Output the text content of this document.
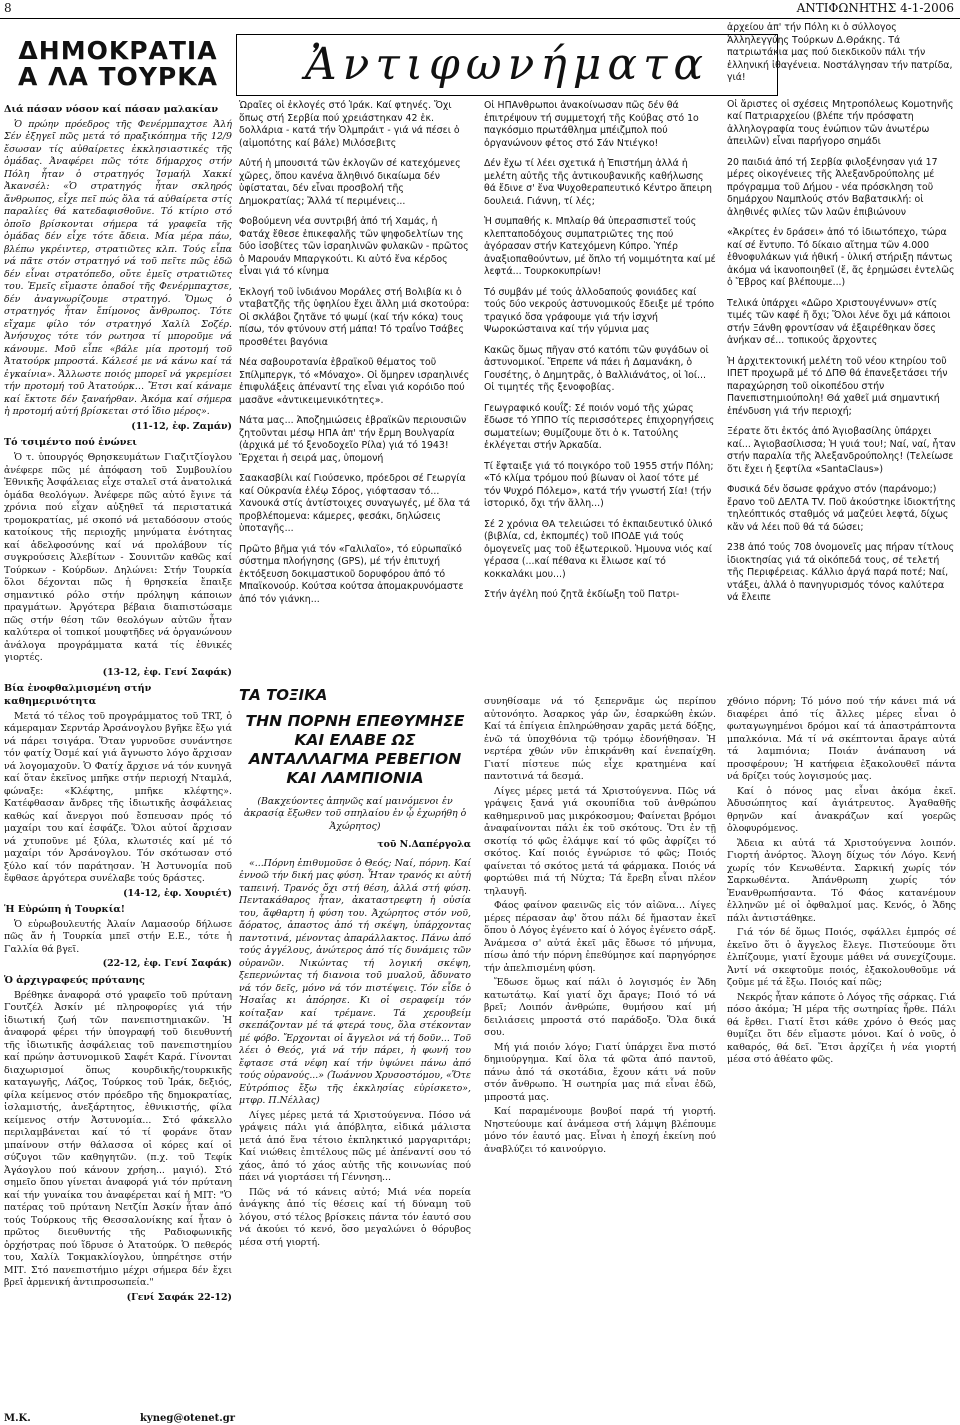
8	ΑΝΤΙΦΩΝΗΤΗΣ 4-1-2006
ΔΗΜΟΚΡΑΤΙΑ
Α ΛΑ ΤΟΥΡΚΑ	Ἀντιφωνήματα
Διά πάσαν νόσον καί πάσαν μαλακίαν

Ὁ πρώην πρόεδρος τῆς Φενέρμπαχτσε Ἀλή Σέν ἐξηγεῖ πῶς μετά τό πραξικόπημα τῆς 12/9 ἔσωσαν τίς αὐθαίρετες ἐκκλησιαστικές τῆς ὁμάδας. Ἀναφέρει πῶς τότε δήμαρχος στήν Πόλη ἦταν ὁ στρατηγός Ἰσμαήλ Χακκί Ἀκανσέλ: «Ὁ στρατηγός ἦταν σκληρός ἄνθρωπος, εἶχε πεῖ πώς ὅλα τά αὐθαίρετα στίς παραλίες θά κατεδαφισθοῦνε. Τό κτίριο στό ὁποῖο βρίσκονται σήμερα τά γραφεῖα τῆς ὁμάδας δέν εἶχε τότε ἄδεια. Μία μέρα πάω, βλέπω γκρέιντερ, στρατιῶτες κλπ. Τούς εἶπα νά πᾶτε στόν στρατηγό νά τοῦ πεῖτε πῶς ἐδῶ δέν εἶναι στρατόπεδο, οὔτε ἐμεῖς στρατιῶτες του. Ἐμεῖς εἴμαστε ὀπαδοί τῆς Φενέρμπαχτσε, δέν ἀναγνωρίζουμε στρατηγό. Ὅμως ὁ στρατηγός ἦταν ἔπίμονος ἄνθρωπος. Τότε εἴχαμε φίλο τόν στρατηγό Χαλίλ Σοζέρ. Ἀνήσυχος τότε τόν ρωτησα τί μποροῦμε νά κάνουμε. Μοῦ εἶπε «βάλε μία προτομή τοῦ Ἀτατούρκ μπροστά. Κάλεσέ με νά κάνω καί τά ἐγκαίνια». Ἄλλωστε ποιός μπορεῖ νά γκρεμίσει τήν προτομή τοῦ Ἀτατούρκ… Ἔτσι καί κάναμε καί ἔκτοτε δέν ξαναήρθαν. Ἀκόμα καί σήμερα ἡ προτομή αὐτή βρίσκεται στό ἴδιο μέρος».

(11-12, ἐφ. Ζαμάν)
Τό τσιμέντο πού ἑνώνει

Ὁ τ. ὑπουργός Θρησκευμάτων Γιαζιτζίογλου ἀνέφερε πῶς μέ ἀπόφαση τοῦ Συμβουλίου Ἐθνικῆς Ἀσφάλειας εἶχε σταλεῖ στά ἀνατολικά ὁμάδα θεολόγων. Ἀνέφερε πῶς αὐτό ἔγινε τά χρόνια πού εἶχαν αὐξηθεῖ τά περιστατικά τρομοκρατίας, μέ σκοπό νά μεταδόσουν στούς κατοίκους τῆς περιοχῆς μηνύματα ἑνότητας καί ἀδελφοσύνης καί νά προλάβουν τίς συγκρούσεις Ἀλεβίτων - Σουνιτῶν καθῶς καί Τούρκων - Κούρδων. Δηλώνει: Στήν Τουρκία ὅλοι δέχονται πῶς ἡ θρησκεία ἔπαιξε σημαντικό ρόλο στήν πρόληψη κάποιων πραγμάτων. Ἀργότερα βέβαια διαπιστώσαμε πῶς στήν θέση τῶν θεολόγων αὐτῶν ἦταν καλύτερα οἱ τοπικοί μουφτῆδες νά ὀργανώνουν ἀνάλογα προγράμματα κατά τίς ἐθνικές γιορτές.

(13-12, ἐφ. Γενί Σαφάκ)
Βία ἐνοφθαλμισμένη στήν καθημερινότητα

Μετά τό τέλος τοῦ προγράμματος τοῦ TRT, ὁ κάμεραμαν Σερντάρ Ἀρσάνογλου βγῆκε ἔξω γιά νά πάρει τσιγάρα. Ὅταν γυρνοῦσε συνάντησε τόν φατίχ Ὀσμέ καί γιά ἄγνωστο λόγο ἄρχισαν νά λογομαχοῦν. Ὁ Φατίχ ἄρχισε νά τόν κυνηγᾶ καί ὅταν ἐκεῖνος μπῆκε στήν περιοχή Νταμλά, φώναξε: «Κλέφτης, μπῆκε κλέφτης». Κατέφθασαν ἄνδρες τῆς ἰδιωτικῆς ἀσφάλειας καθώς καί ἄνεργοι πού ἔσπευσαν πρός τό μαχαίρι του καί ἐσφάζε. Ὅλοι αὐτοί ἄρχισαν νά χτυποῦνε μέ ξύλα, κλωτσιές καί μέ τό μαχαίρι τόν Ἀρσάνογλου. Τόν σκότωσαν στό ξύλο καί τόν παράτησαν. Ἡ Ἀστυνομία ποῦ ἔφθασε ἀργότερα συνέλαβε τούς δράστες.

(14-12, ἐφ. Χουριέτ)
Ἡ Εὐρώπη ἡ Τουρκία!

Ὁ εὐρωβουλευτής Ἀλαίν Λαμασούρ δήλωσε πῶς ἄν ἡ Τουρκία μπεῖ στήν Ε.Ε., τότε ἡ Γαλλία θά βγεῖ.

(22-12, ἐφ. Γενί Σαφάκ)
Ὁ ἀρχιγραφεύς πρύτανης

Βρέθηκε ἀναφορά στό γραφεῖο τοῦ πρύτανη Γουτζέλ Ἀσκίν μέ πληροφορίες γιά τήν ἰδιωτική ζωή τῶν πανεπιστημιακῶν. Ἡ ἀναφορά φέρει τήν ὑπογραφή τοῦ διευθυντή τῆς ἰδιωτικῆς ἀσφάλειας τοῦ πανεπιστημίου καί πρώην ἀστυνομικοῦ Σαφέτ Καρά. Γίνονται διαχωρισμοί ὅπως κουρδικῆς/τουρκικῆς καταγωγῆς, Λάζος, Τούρκος τοῦ Ἰράκ, δεξιός, φίλα κείμενος στόν πρόεδρο τῆς δημοκρατίας, ἰσλαμιστής, ἀνεξάρτητος, ἐθνικιστής, φίλα κείμενος στήν Ἀστυνομία... Στό φάκελλο περιλαμβάνεται καί τό τί φοράνε ὅταν μπαίνουν στήν θάλασσα οἱ κόρες καί οἱ σύζυγοι τῶν καθηγητῶν. (π.χ. τοῦ Τεφίκ Ἀγάογλου πού κάνουν χρήση... μαγιό). Στό σημεῖο ὅπου γίνεται ἀναφορά γιά τόν πρύτανη καί τήν γυναίκα του ἀναφέρεται καί ἡ ΜΙΤ: "Ὁ πατέρας τοῦ πρύτανη Νετζίπ Ἀσκίν ἦταν ἀπό τούς Τούρκους τῆς Θεσσαλονίκης καί ἦταν ὁ πρῶτος διευθυντής τῆς Ραδιοφωνικῆς ὀρχήστρας πού ἵδρυσε ὁ Ἀτατούρκ. Ὁ πεθερός του, Χαλίλ Τοκμακλίογλου, ὑπηρέτησε στήν ΜΙΤ. Στό πανεπιστήμιο μέχρι σήμερα δέν ἔχει βρεῖ ἀρμενική ἀντιπροσωπεία."

(Γενί Σαφάκ 22-12)

Ὡραῖες οἱ ἐκλογές στό Ἰράκ. Καί φτηνές. Ὄχι ὅπως στή Σερβία πού χρειάστηκαν 42 ἑκ. δολλάρια - κατά τήν Ὀλμπράιτ - γιά νά πέσει ὁ (αἱμοπότης καί βάλε) Μιλόσεβιτς

Αὐτή ἡ μπουσιτά τῶν ἐκλογῶν σέ κατεχόμενες χῶρες, ὅπου κανένα ἄληθινό δικαίωμα δέν ὑφίσταται, δέν εἶναι προσβολή τῆς Δημοκρατίας; Ἄλλά τί περιμένεις...

Φοβούμενη νέα συντριβή ἀπό τή Χαμάς, ἡ Φατάχ ἔθεσε ἐπικεφαλῆς τῶν ψηφοδελτίων της δύο ἰσοβίτες τῶν ἰσραηλινῶν φυλακῶν - πρῶτος ὁ Μαρουάν Μπαργκούτι. Κι αὐτό ἕνα κέρδος εἶναι γιά τό κίνημα

Ἐκλογή τοῦ ἰνδιάνου Μοράλες στή Βολιβία κι ὁ νταβατζῆς τῆς ὑφηλίου ἔχει ἄλλη μιά σκοτούρα: Οἱ σκλάβοι ζητᾶνε τό ψωμί (καί τήν κόκα) τους πίσω, τόν φτύνουν στή μάπα! Τό τραΐνο Τσάβες προσθέτει βαγόνια

Νέα σαβουροτανία ἑβραϊκοῦ θέματος τοῦ Σπίλμπεργκ, τό «Μόναχο». Οἱ ὅμηρεν ισραηλινές ἐπιφυλάξεις ἀπέναντί της εἶναι γιά κορόιδο πού μασᾶνε «ἀντικειμενικότητες».

Νάτα μας... Ἀποζημιώσεις ἑβραϊκῶν περιουσιῶν ζητοῦνται μέσῳ ΗΠΑ ἀπ' τήν ἔρμη Βουλγαρία (ἀρχικά μέ τό ξενοδοχεῖο Ρίλα) γιά τό 1943! Ἔρχεται ἡ σειρά μας, ὑπομονή

Σαακασβίλι καί Γιούσενκο, πρόεδροι σέ Γεωργία καί Οὐκρανία ἐλέῳ Σόρος, γιόφτασαν τό... Χανουκά στίς ἀντίστοιχες συναγωγές, μέ ὅλα τά προβλέπομενα: κάμερες, φεσάκι, δηλώσεις ὑποταγῆς...

Πρῶτο βῆμα γιά τόν «Γαλιλαῖο», τό εὐρωπαϊκό σύστημα πλοήγησης (GPS), μέ τήν ἐπιτυχή ἐκτόξευση δοκιμαστικοῦ δορυφόρου ἀπό τό Μπαϊκονούρ. Κούτσα κούτσα ἀπομακρυνόμαστε ἀπό τόν γιάνκη...

ΤΑ ΤΟΞΙΚΑ
ΤΗΝ ΠΟΡΝΗ ΕΠΕΘΥΜΗΣΕ ΚΑΙ ΕΛΑΒΕ ΩΣ ΑΝΤΑΛΛΑΓΜΑ ΡΕΒΕΓΙΟΝ ΚΑΙ ΛΑΜΠΙΟΝΙΑ
(Βακχεύοντες ἀπηνῶς καί μαινόμενοι ἐν ἀκρασίᾳ ἔξωθεν τοῦ σπηλαίου ἐν ᾧ ἐχωρήθη ὁ Ἀχώρητος)
τοῦ Ν.Δαπέργολα

«...Πόρνη ἐπιθυμοῦσε ὁ Θεός; Ναί, πόρνη. Καί ἐννοῶ τήν δική μας φύση. Ἦταν τρανός κι αὐτή ταπεινή. Τρανός ὄχι στή θέση, ἀλλά στή φύση. Πεντακάθαρος ἦταν, ἀκαταστρεφτη ἡ οὐσία του, ἄφθαρτη ἡ φύση του. Ἀχώρητος στόν νοῦ, ἄόρατος, ἀπαστος ἀπό τή σκέψη, ὑπάρχοντας παντοτινά, μένοντας ἀπαράλλακτος. Πάνω ἀπό τούς ἀγγέλους, ἀνώτερος ἀπό τίς δυνάμεις τῶν οὐρανῶν. Νικώντας τή λογική σκέψη, ξεπερνώντας τή διανοια τοῦ μυαλοῦ, ἄδυνατο νά τόν δεῖς, μόνο νά τόν πιστέψεις. Τόν εἶδε ὁ Ἡσαΐας κι ἀπόρησε. Κι οἱ σεραφείμ τόν κοίταξαν καί τρέμανε. Τά χερουβείμ σκεπάζονταν μέ τά φτερά τους, ὅλα στέκονταν μέ φόβο. Ἔρχονται οἱ ἄγγελοι νά τή δοῦν... Τοῦ λέει ὁ Θεός, γιά νά τήν πάρει, ἡ φωνή του ἔφτασε στά νέφη καί τήν ὑψώνει πάνω ἀπό τούς οὐρανούς...» (Ἰωάννου Χρυσοστόμου, «Ὅτε Εὐτρόπιος ἔξω τῆς ἐκκλησίας εὑρίσκετο», μτφρ. Π.Νέλλας)

Λίγες μέρες μετά τά Χριστούγεννα. Πόσο νά γράψεις πάλι γιά ἀπόβλητα, εἰδικά μάλιστα μετά ἀπό ἕνα τέτοιο ἐκπληκτικό μαργαριτάρι; Καί νιώθεις ἐπιτέλους πῶς μέ ἀπέναντί σου τό χάος, ἀπό τό χάος αὐτῆς τῆς κοινωνίας πού πάει νά γιορτάσει τή Γέννηση...

Πῶς νά τό κάνεις αὐτό; Μιά νέα πορεία ἀνάγκης ἀπό τίς θέσεις καί τή δύναμη τοῦ λόγου, στό τέλος βρίσκεις πάντα τόν ἑαυτό σου νά ἀκούει τό κενό, ὅσο μεγαλώνει ὁ θόρυβος μέσα στή γιορτή.

Οἱ ΗΠΑνθρωποι ἀνακοίνωσαν πῶς δέν θά ἐπιτρέψουν τή συμμετοχή τῆς Κούβας στό 1ο παγκόσμιο πρωτάθλημα μπέιζμπολ πού ὀργανώνουν φέτος στό Σάν Ντιέγκο!

Δέν ἔχω τί λέει σχετικά ἡ Ἐπιστήμη ἀλλά ἡ μελέτη αὐτῆς τῆς ἀντικουβανικῆς καθήλωσης θά ἔδινε σ' ἕνα Ψυχοθεραπευτικό Κέντρο ἄπειρη δουλειά. Γιάννη, τί λές;

Ἡ συμπαθής κ. Μπλαίρ θά ὑπερασπιστεῖ τούς κλεπταποδόχους συμπατριῶτες της πού ἀγόρασαν στήν Κατεχόμενη Κύπρο. Ὑπέρ ἀναξιοπαθούντων, μέ ὅπλο τή νομιμότητα καί μέ λεφτά... Τουρκοκυπρίων!

Τό συμβάν μέ τούς ἀλλοδαπούς φονιάδες καί τούς δύο νεκρούς ἀστυνομικούς ἔδειξε μέ τρόπο τραγικό ὅσα γράφουμε γιά τήν ἰσχνή Ψωροκώσταινα καί τήν γύμνια μας

Κακῶς ὅμως πῆγαν στό κατόπι τῶν φυγάδων οἱ ἀστυνομικοί. Ἔπρεπε νά πάει ἡ Δαμανάκη, ὁ Γουσέτης, ὁ Δημητρᾶς, ὁ Βαλλιάνάτος, οἱ Ἰοί... Οἱ τιμητές τῆς ξενοφοβίας.

Γεωγραφικό κουΐζ: Σέ ποιόν νομό τῆς χώρας ἔδωσε τό ΥΠΠΟ τίς περισσότερες ἐπιχορηγήσεις σωματείων; Θυμίζουμε ὅτι ὁ κ. Τατούλης ἐκλέγεται στήν Ἀρκαδία.

Τί ἔφταιξε γιά τό ποιγκόρο τοῦ 1955 στήν Πόλη; «Τό κλίμα τρόμου πού βίωναν οἱ λαοί τότε μέ τόν Ψυχρό Πόλεμο», κατά τήν γνωστή Σία! (τήν ἰστορικό, ὄχι τήν ἄλλη...)

Σέ 2 χρόνια ΘΑ τελειώσει τό ἐκπαιδευτικό ὑλικό (βιβλία, cd, ἐκπομπές) τοῦ ΙΠΟΔΕ γιά τούς ὀμογενεῖς μας τοῦ ἐξωτερικοῦ. Ἡμουνα νιός καί γέρασα (...καί πέθανα κι ἔλιωσε καί τό κοκκαλάκι μου...)

Στήν ἀγέλη πού ζητᾶ ἐκδίωξη τοῦ Πατρι-

ἀρχείου ἀπ' τήν Πόλη κι ὁ σύλλογος Ἀλληλεγγύης Τούρκων Δ.Θράκης. Τά πατριωτάκια μας πού διεκδικοῦν πάλι τήν ἑλληνική ἰθαγένεια. Νοστάλγησαν τήν πατρίδα, γιά!

Οἱ ἄριστες οἱ σχέσεις Μητροπόλεως Κομοτηνῆς καί Πατριαρχείου (βλέπε τήν πρόσφατη ἀλληλογραφία τους ἐνώπιον τῶν ἀνωτέρω ἀπειλῶν) εἶναι παρήγορο σημάδι

20 παιδιά ἀπό τή Σερβία φιλοξένησαν γιά 17 μέρες οἰκογένειες τῆς Ἀλεξανδρούπολης μέ πρόγραμμα τοῦ Δήμου - νέα πρόσκληση τοῦ δημάρχου Ναμπλούς στόν Βαβατσικλή: οἱ ἀληθινές φιλίες τῶν λαῶν ἐπιβιώνουν

«Ἀκρίτες ἐν δράσει» ἀπό τό ἰδιωτόπεχο, τώρα καί σέ ἔντυπο. Τό δίκαιο αἴτημα τῶν 4.000 ἐθνοφυλάκων γιά ἠθική - ὑλική στήριξη πάντως ἀκόμα νά ἱκανοποιηθεῖ (ἔ, ἄς ἐρημώσει ἐντελῶς ὁ Ἔβρος καί βλέπουμε...)

Τελικά ὑπάρχει «Δῶρο Χριστουγέννων» στίς τιμές τῶν καφέ ἤ ὄχι; Ὅλοι λένε ὄχι μά κάποιοι στήν Ξάνθη φροντίσαν νά ἐξαιρέθηκαν ὅσες ἀνήκαν σέ... τοπικούς ἄρχοντες

Ἡ ἀρχιτεκτονική μελέτη τοῦ νέου κτηρίου τοῦ ΙΠΕΤ προχωρᾶ μέ τό ΔΠΘ θά ἐπανεξετάσει τήν παραχώρηση τοῦ οἰκοπέδου στήν Πανεπιστημιούπολη! Θά χαθεῖ μιά σημαντική ἐπένδυση γιά τήν περιοχή;

Ξέρατε ὅτι ἐκτός ἀπό Ἀγιοβασίλης ὑπάρχει καί... Ἀγιοβασίλισσα; Ἡ γυιά του!; Ναί, ναί, ἦταν στήν παραλία τῆς Ἀλεξανδρούπολης! (Τελείωσε ὅτι ἔχει ἡ ξεφτίλα «SantaClaus»)

Φυσικά δέν ὅσωσε φράχνο στόν (παράνομο;) ἔρανο τοῦ ΔΕΛΤΑ TV. Ποῦ ἀκούστηκε ἰδιοκτήτης τηλεόπτικός σταθμός νά μαζεύει λεφτά, δίχως κἄν νά λέει ποῦ θά τά δώσει;

238 ἀπό τούς 708 ὀνομονεῖς μας πήραν τίτλους ἰδιοκτησίας γιά τά οἰκόπεδά τους, σέ τελετή τῆς Περιφέρειας. Κάλλιο ἀργά παρά ποτέ; Ναί, ντάξει, ἀλλά ὁ πανηγυρισμός τόνος καλύτερα νά ἔλειπε

συνηθίσαμε νά τό ξεπερνᾶμε ὡς περίπου αὐτονόητο. Ἀσαρκος γάρ ὤν, ἐσαρκώθη ἐκών. Καί τά ἐπίγεια ἐπληρώθησαν χαρᾶς μετά δόξης, ἐνῶ τά ὑποχθόνια τῷ τρόμῳ ἐδονήθησαν. Ἡ νερτέρα χθών νῦν ἐπικράνθη καί ἐνεπαίχθη. Γιατί πίστευε πώς εἶχε κρατημένα καί παντοτινά τά δεσμά.

Λίγες μέρες μετά τά Χριστούγεννα. Πῶς νά γράψεις ξανά γιά σκουπίδια τοῦ ἀνθρώπου καθημερινοῦ μας μικρόκοσμου; Φαίνεται βρόμοι ἀναφαίνονται πάλι ἐκ τοῦ σκότους. Ὅτι ἐν τῇ σκοτίᾳ τό φῶς ἐλάμψε καί τό φῶς ἀφρίζει τό σκότος. Καί ποιός ἐγνώρισε τό φῶς; Ποιός φαίνεται τό σκότος μετά τά φάρμακα. Ποιός νά φορτώθει πιά τή Νύχτα; Τά ἔρεβη εἶναι πλέον τηλαυγῆ.

Φάος φαίνον φαεινῶς εἰς τόν αἰῶνα… Λίγες μέρες πέρασαν ἀφ' ὅτου πάλι δέ ἤμασταν ἐκεῖ ὅπου ὁ Λόγος ἐγένετο καί ὁ λόγος ἐγένετο σάρξ. Ἀνάμεσα σ' αὐτά ἐκεῖ μᾶς ἔδωσε τό μήνυμα, πίσω ἀπό τήν πόρνη ἐπεθύμησε καί παρηγόρησε τήν ἀπελπισμένη φύση.

Ἔδωσε ὅμως καί πάλι ὁ λογισμός ἐν Ἅδη κατωτάτῳ. Καί γιατί ὄχι ἄραγε; Ποιό τό νά βρεῖ; Λοιπόν ἀνθρώπε, θυμήσου καί μή δειλιάσεις μπροστά στό παράδοξο. Ὅλα δικά σου.

Μή γιά ποιόν λόγο; Γιατί ὑπάρχει ἕνα πιστό δημιούργημα. Καί ὅλα τά φῶτα ἀπό παντοῦ, πάνω ἀπό τά σκοτάδια, ἔχουν κάτι νά ποῦν στόν ἄνθρωπο. Ἡ σωτηρία μας πιά εἶναι ἐδῶ, μπροστά μας.

Καί παραμένουμε βουβοί παρά τή γιορτή. Νηστεύουμε καί ἀνάμεσα στή λάμψη βλέπουμε μόνο τόν ἑαυτό μας. Εἶναι ἡ ἐποχή ἐκείνη πού ἀναβλύζει τό καινούργιο.

χθόνιο πόρνη; Τό μόνο πού τήν κάνει πιά νά διαφέρει ἀπό τίς ἄλλες μέρες εἶναι ὁ φωταγωγημένοι δρόμοι καί τά ἀπαστράπτοντα μπαλκόνια. Μά τί νά σκέπτονται ἄραγε αὐτά τά λαμπιόνια; Ποιάν ἀνάπαυση νά προσφέρουν; Ἡ κατήφεια ἐξακολουθεῖ πάντα νά δρίζει τούς λογισμούς μας.

Καί ὁ πόνος μας εἶναι ἀκόμα ἐκεῖ. Ἀδυσώπητος καί ἀγιάτρευτος. Ἀγαθαθῆς θρηνῶν καί ἀνακράζων καί γοερῶς ὀλοφυρόμενος.

Ἄδεια κι αὐτά τά Χριστούγεννα λοιπόν. Γιορτή ἀνόρτος. Ἄλογη δίχως τόν Λόγο. Κενή χωρίς τόν Κενωθέντα. Σαρκική χωρίς τόν Σαρκωθέντα. Ἀπάνθρωπη χωρίς τόν Ἐνανθρωπήσαντα. Τό Φάος κατανέμουν ἐλληνῶν μέ οἱ ὀφθαλμοί μας. Κενός, ὁ Ἄδης πάλι ἀντιστάθηκε.

Γιά τόν δέ ὅμως Ποιός, σφάλλει ἐμπρός σέ ἐκεῖνο ὅτι ὁ ἄγγελος ἔλεγε. Πιστεύουμε ὅτι ἐλπίζουμε, γιατί ἔχουμε μάθει νά συνεχίζουμε. Ἀντί νά σκεφτοῦμε ποιός, ἐξακολουθοῦμε νά ζοῦμε μέ τά ἔξω. Ποιός καί πῶς;

Νεκρός ἦταν κάποτε ὁ Λόγος τῆς σάρκας. Γιά πόσο ἀκόμα; Ἡ μέρα τῆς σωτηρίας ἦρθε. Πάλι θά ἔρθει. Γιατί ἔτσι κάθε χρόνο ὁ Θεός μας θυμίζει ὅτι δέν εἴμαστε μόνοι. Καί ὁ νοῦς, ὁ καθαρός, θά δεῖ. Ἔτσι ἀρχίζει ἡ νέα γιορτή μέσα στό ἀθέατο φῶς.

Μ.Κ.	kyneg@otenet.gr
